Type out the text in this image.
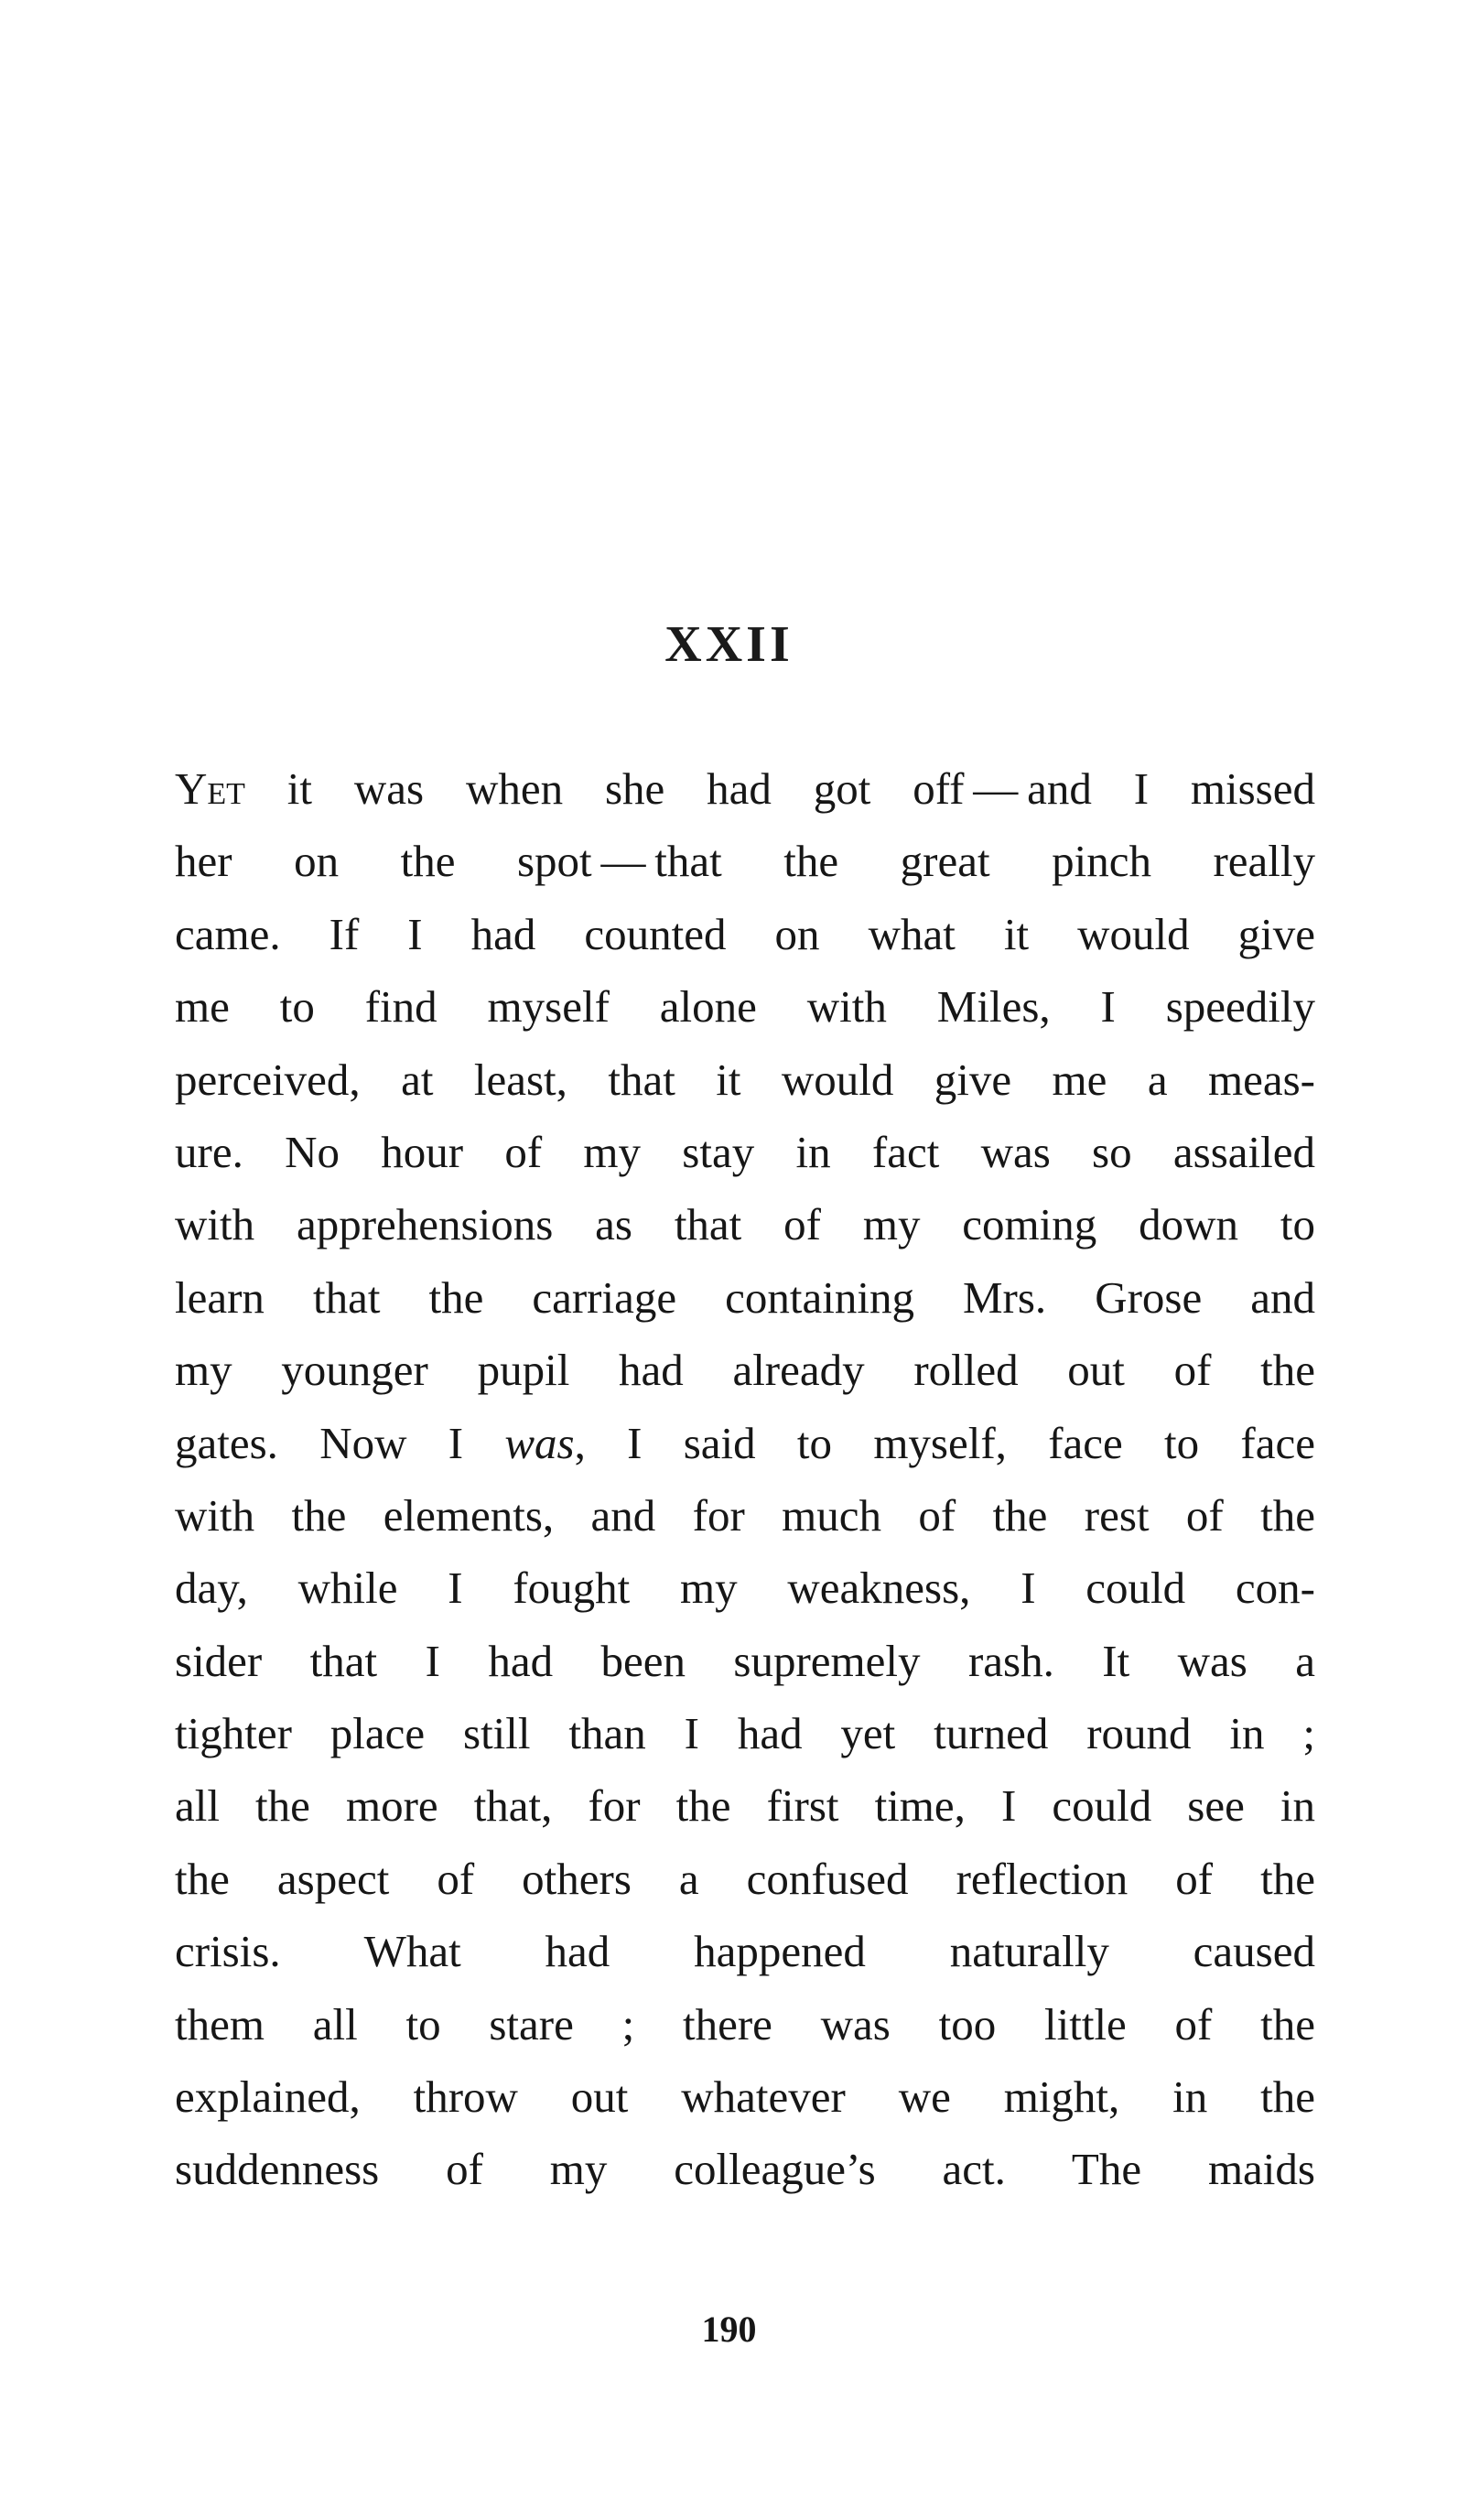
XXII
Yet it was when she had got off — and I missed
her on the spot — that the great pinch really
came. If I had counted on what it would give
me to find myself alone with Miles, I speedily
perceived, at least, that it would give me a meas-
ure. No hour of my stay in fact was so assailed
with apprehensions as that of my coming down to
learn that the carriage containing Mrs. Grose and
my younger pupil had already rolled out of the
gates. Now I was, I said to myself, face to face
with the elements, and for much of the rest of the
day, while I fought my weakness, I could con-
sider that I had been supremely rash. It was a
tighter place still than I had yet turned round in ;
all the more that, for the first time, I could see in
the aspect of others a confused reflection of the
crisis. What had happened naturally caused
them all to stare ; there was too little of the
explained, throw out whatever we might, in the
suddenness of my colleague’s act. The maids
190
